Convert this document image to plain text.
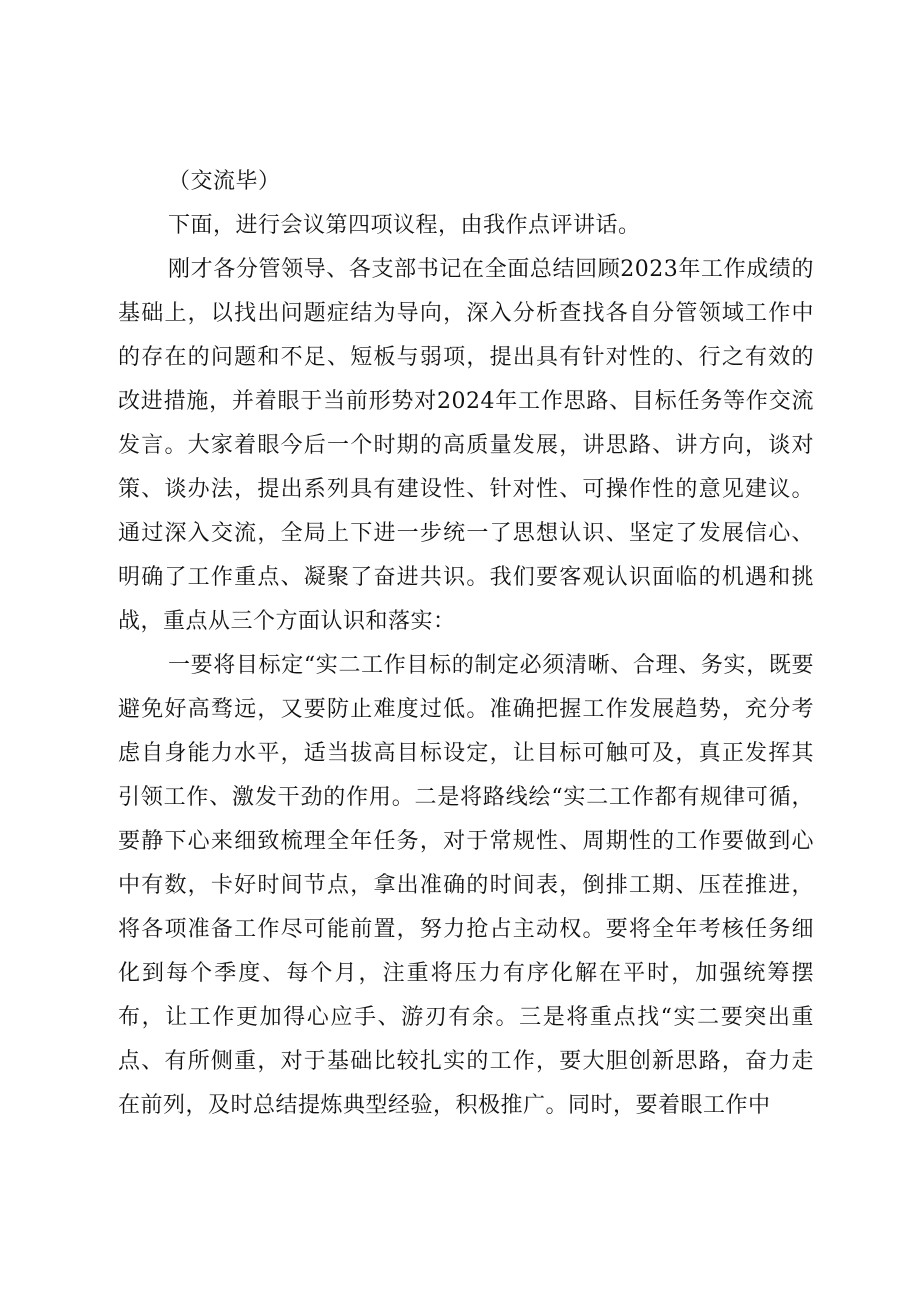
（交流毕）

下面，进行会议第四项议程，由我作点评讲话。

刚才各分管领导、各支部书记在全面总结回顾2023年工作成绩的基础上，以找出问题症结为导向，深入分析查找各自分管领域工作中的存在的问题和不足、短板与弱项，提出具有针对性的、行之有效的改进措施，并着眼于当前形势对2024年工作思路、目标任务等作交流发言。大家着眼今后一个时期的高质量发展，讲思路、讲方向，谈对策、谈办法，提出系列具有建设性、针对性、可操作性的意见建议。通过深入交流，全局上下进一步统一了思想认识、坚定了发展信心、明确了工作重点、凝聚了奋进共识。我们要客观认识面临的机遇和挑战，重点从三个方面认识和落实：

一要将目标定“实二工作目标的制定必须清晰、合理、务实，既要避免好高骛远，又要防止难度过低。准确把握工作发展趋势，充分考虑自身能力水平，适当拔高目标设定，让目标可触可及，真正发挥其引领工作、激发干劲的作用。二是将路线绘“实二工作都有规律可循，要静下心来细致梳理全年任务，对于常规性、周期性的工作要做到心中有数，卡好时间节点，拿出准确的时间表，倒排工期、压茬推进，将各项准备工作尽可能前置，努力抢占主动权。要将全年考核任务细化到每个季度、每个月，注重将压力有序化解在平时，加强统筹摆布，让工作更加得心应手、游刃有余。三是将重点找“实二要突出重点、有所侧重，对于基础比较扎实的工作，要大胆创新思路，奋力走在前列，及时总结提炼典型经验，积极推广。同时，要着眼工作中
